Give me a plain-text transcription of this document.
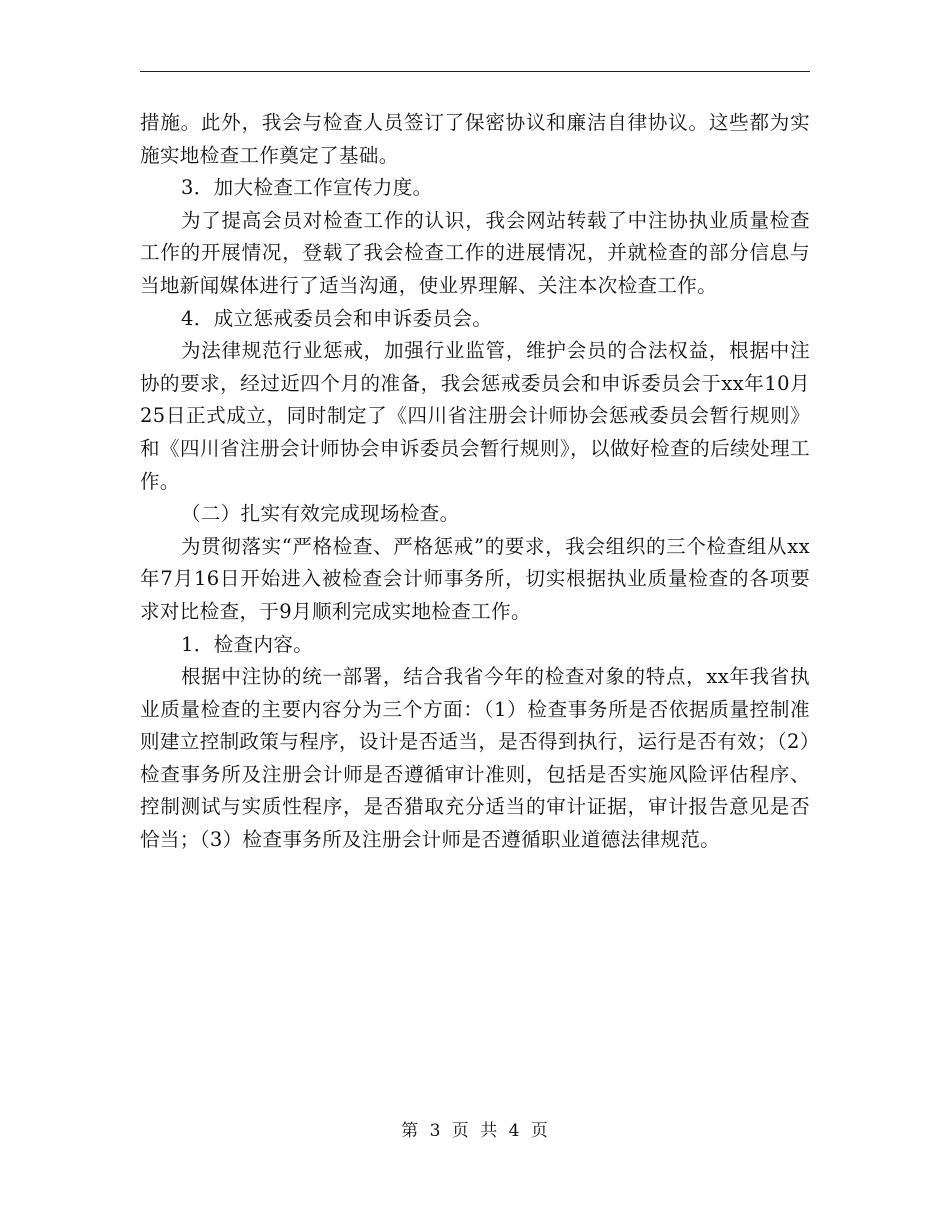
措施。此外，我会与检查人员签订了保密协议和廉洁自律协议。这些都为实施实地检查工作奠定了基础。

3．加大检查工作宣传力度。

为了提高会员对检查工作的认识，我会网站转载了中注协执业质量检查工作的开展情况，登载了我会检查工作的进展情况，并就检查的部分信息与当地新闻媒体进行了适当沟通，使业界理解、关注本次检查工作。

4．成立惩戒委员会和申诉委员会。

为法律规范行业惩戒，加强行业监管，维护会员的合法权益，根据中注协的要求，经过近四个月的准备，我会惩戒委员会和申诉委员会于xx年10月25日正式成立，同时制定了《四川省注册会计师协会惩戒委员会暂行规则》和《四川省注册会计师协会申诉委员会暂行规则》，以做好检查的后续处理工作。

（二）扎实有效完成现场检查。

为贯彻落实“严格检查、严格惩戒”的要求，我会组织的三个检查组从xx年7月16日开始进入被检查会计师事务所，切实根据执业质量检查的各项要求对比检查，于9月顺利完成实地检查工作。

1．检查内容。

根据中注协的统一部署，结合我省今年的检查对象的特点，xx年我省执业质量检查的主要内容分为三个方面：（1）检查事务所是否依据质量控制准则建立控制政策与程序，设计是否适当，是否得到执行，运行是否有效；（2）检查事务所及注册会计师是否遵循审计准则，包括是否实施风险评估程序、控制测试与实质性程序，是否猎取充分适当的审计证据，审计报告意见是否恰当；（3）检查事务所及注册会计师是否遵循职业道德法律规范。

第 3 页 共 4 页
